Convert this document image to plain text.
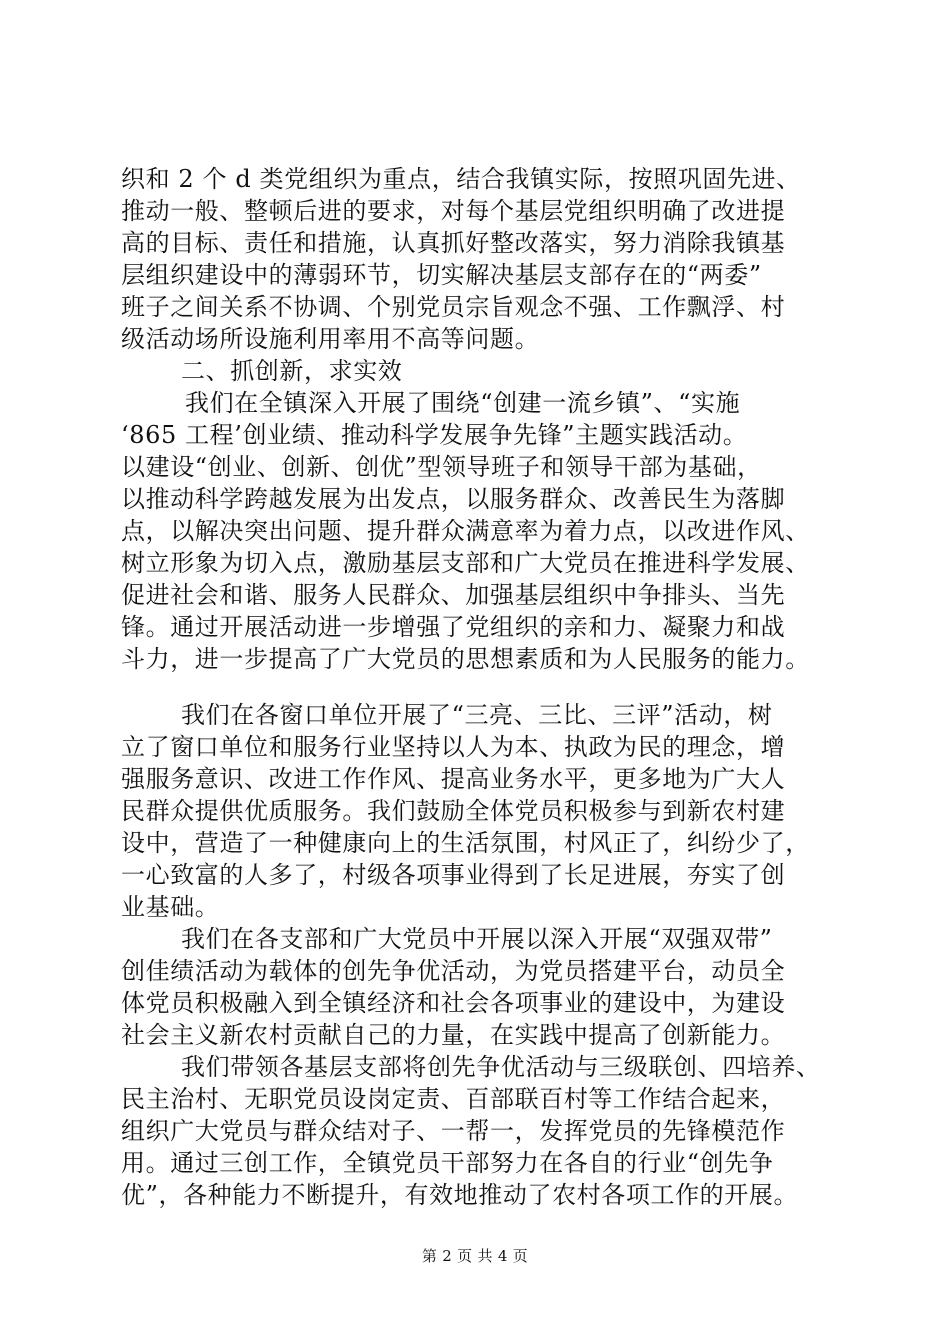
织和 2 个 d 类党组织为重点，结合我镇实际，按照巩固先进、
推动一般、整顿后进的要求，对每个基层党组织明确了改进提
高的目标、责任和措施，认真抓好整改落实，努力消除我镇基
层组织建设中的薄弱环节，切实解决基层支部存在的“两委”
班子之间关系不协调、个别党员宗旨观念不强、工作飘浮、村
级活动场所设施利用率用不高等问题。
二、抓创新，求实效
我们在全镇深入开展了围绕“创建一流乡镇”、“实施
‘865 工程’创业绩、推动科学发展争先锋”主题实践活动。
以建设“创业、创新、创优”型领导班子和领导干部为基础，
以推动科学跨越发展为出发点，以服务群众、改善民生为落脚
点，以解决突出问题、提升群众满意率为着力点，以改进作风、
树立形象为切入点，激励基层支部和广大党员在推进科学发展、
促进社会和谐、服务人民群众、加强基层组织中争排头、当先
锋。通过开展活动进一步增强了党组织的亲和力、凝聚力和战
斗力，进一步提高了广大党员的思想素质和为人民服务的能力。
我们在各窗口单位开展了“三亮、三比、三评”活动，树
立了窗口单位和服务行业坚持以人为本、执政为民的理念，增
强服务意识、改进工作作风、提高业务水平，更多地为广大人
民群众提供优质服务。我们鼓励全体党员积极参与到新农村建
设中，营造了一种健康向上的生活氛围，村风正了，纠纷少了，
一心致富的人多了，村级各项事业得到了长足进展，夯实了创
业基础。
我们在各支部和广大党员中开展以深入开展“双强双带”
创佳绩活动为载体的创先争优活动，为党员搭建平台，动员全
体党员积极融入到全镇经济和社会各项事业的建设中，为建设
社会主义新农村贡献自己的力量，在实践中提高了创新能力。
我们带领各基层支部将创先争优活动与三级联创、四培养、
民主治村、无职党员设岗定责、百部联百村等工作结合起来，
组织广大党员与群众结对子、一帮一，发挥党员的先锋模范作
用。通过三创工作，全镇党员干部努力在各自的行业“创先争
优”，各种能力不断提升，有效地推动了农村各项工作的开展。
第 2 页 共 4 页
